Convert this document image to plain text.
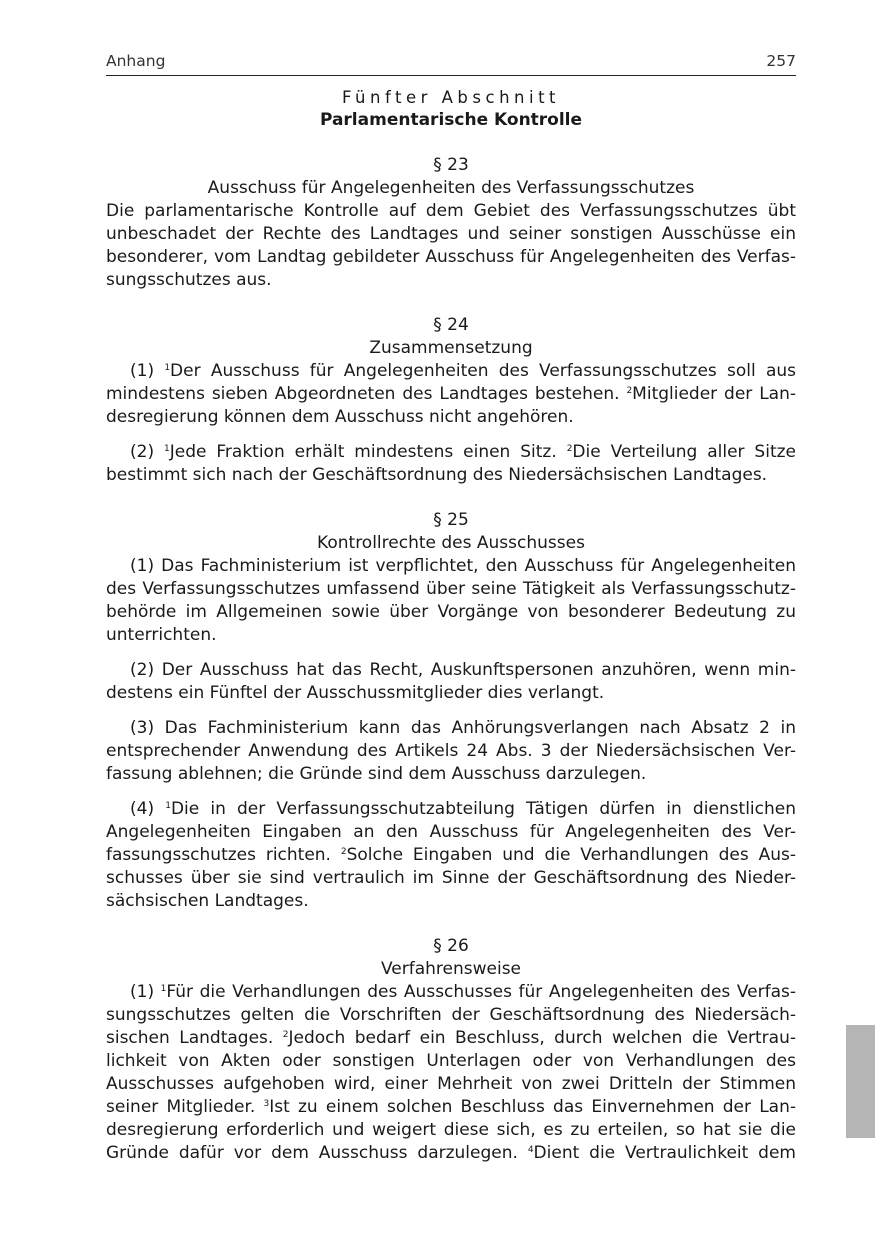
Anhang	257
Fünfter Abschnitt
Parlamentarische Kontrolle
§ 23
Ausschuss für Angelegenheiten des Verfassungsschutzes
Die parlamentarische Kontrolle auf dem Gebiet des Verfassungsschutzes übt
unbeschadet der Rechte des Landtages und seiner sonstigen Ausschüsse ein
besonderer, vom Landtag gebildeter Ausschuss für Angelegenheiten des Verfas-
sungsschutzes aus.
§ 24
Zusammensetzung
(1) $^1$Der Ausschuss für Angelegenheiten des Verfassungsschutzes soll aus
mindestens sieben Abgeordneten des Landtages bestehen. $^2$Mitglieder der Lan-
desregierung können dem Ausschuss nicht angehören.
(2) $^1$Jede Fraktion erhält mindestens einen Sitz. $^2$Die Verteilung aller Sitze
bestimmt sich nach der Geschäftsordnung des Niedersächsischen Landtages.
§ 25
Kontrollrechte des Ausschusses
(1) Das Fachministerium ist verpflichtet, den Ausschuss für Angelegenheiten
des Verfassungsschutzes umfassend über seine Tätigkeit als Verfassungsschutz-
behörde im Allgemeinen sowie über Vorgänge von besonderer Bedeutung zu
unterrichten.
(2) Der Ausschuss hat das Recht, Auskunftspersonen anzuhören, wenn min-
destens ein Fünftel der Ausschussmitglieder dies verlangt.
(3) Das Fachministerium kann das Anhörungsverlangen nach Absatz 2 in
entsprechender Anwendung des Artikels 24 Abs. 3 der Niedersächsischen Ver-
fassung ablehnen; die Gründe sind dem Ausschuss darzulegen.
(4) $^1$Die in der Verfassungsschutzabteilung Tätigen dürfen in dienstlichen
Angelegenheiten Eingaben an den Ausschuss für Angelegenheiten des Ver-
fassungsschutzes richten. $^2$Solche Eingaben und die Verhandlungen des Aus-
schusses über sie sind vertraulich im Sinne der Geschäftsordnung des Nieder-
sächsischen Landtages.
§ 26
Verfahrensweise
(1) $^1$Für die Verhandlungen des Ausschusses für Angelegenheiten des Verfas-
sungsschutzes gelten die Vorschriften der Geschäftsordnung des Niedersäch-
sischen Landtages. $^2$Jedoch bedarf ein Beschluss, durch welchen die Vertrau-
lichkeit von Akten oder sonstigen Unterlagen oder von Verhandlungen des
Ausschusses aufgehoben wird, einer Mehrheit von zwei Dritteln der Stimmen
seiner Mitglieder. $^3$Ist zu einem solchen Beschluss das Einvernehmen der Lan-
desregierung erforderlich und weigert diese sich, es zu erteilen, so hat sie die
Gründe dafür vor dem Ausschuss darzulegen. $^4$Dient die Vertraulichkeit dem
